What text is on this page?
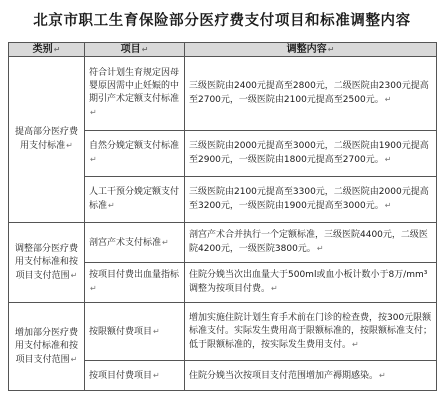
北京市职工生育保险部分医疗费支付项目和标准调整内容
类别↵	项目↵	调整内容↵
提高部分医疗费用支付标准↵	符合计划生育规定因母婴原因需中止妊娠的中期引产术定额支付标准↵	三级医院由2400元提高至2800元，二级医院由2300元提高至2700元，一级医院由2100元提高至2500元。↵
	自然分娩定额支付标准↵	三级医院由2000元提高至3000元，二级医院由1900元提高至2900元，一级医院由1800元提高至2700元。↵
	人工干预分娩定额支付标准↵	三级医院由2100元提高至3300元，二级医院由2000元提高至3200元，一级医院由1900元提高至3000元。↵
调整部分医疗费用支付标准和按项目支付范围↵	剖宫产术支付标准↵	剖宫产术合并执行一个定额标准，三级医院4400元，二级医院4200元，一级医院3800元。↵
	按项目付费出血量指标↵	住院分娩当次出血量大于500ml或血小板计数小于8万/mm³调整为按项目付费。↵
增加部分医疗费用支付标准和按项目支付范围↵	按限额付费项目↵	增加实施住院计划生育手术前在门诊的检查费，按300元限额标准支付。实际发生费用高于限额标准的，按限额标准支付；低于限额标准的，按实际发生费用支付。↵
	按项目付费项目↵	住院分娩当次按项目支付范围增加产褥期感染。↵
